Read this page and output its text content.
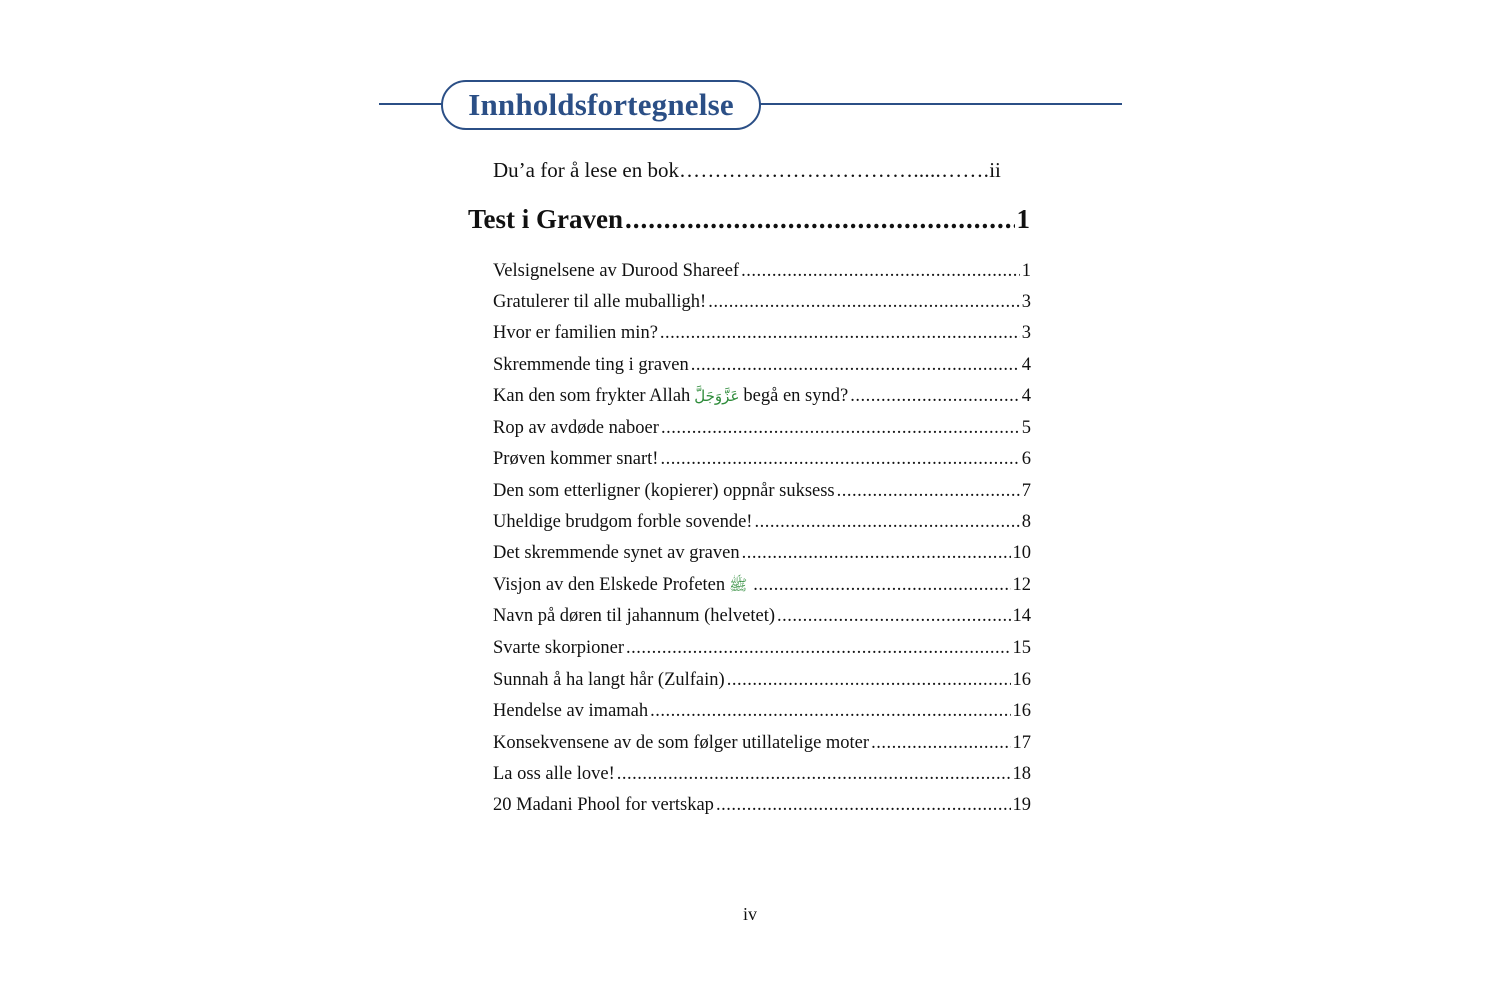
Innholdsfortegnelse
Du’a for å lese en bok …………………………….....……. ii
Test i Graven .....	1
Velsignelsene av Durood Shareef .....	1
Gratulerer til alle muballigh! .....	3
Hvor er familien min? .....	3
Skremmende ting i graven .....	4
Kan den som frykter Allah عَزَّوَجَلَّ begå en synd? .....	4
Rop av avdøde naboer .....	5
Prøven kommer snart! .....	6
Den som etterligner (kopierer) oppnår suksess .....	7
Uheldige brudgom forble sovende! .....	8
Det skremmende synet av graven .....	10
Visjon av den Elskede Profeten ﷺ .....	12
Navn på døren til jahannum (helvetet) .....	14
Svarte skorpioner .....	15
Sunnah å ha langt hår (Zulfain) .....	16
Hendelse av imamah .....	16
Konsekvensene av de som følger utillatelige moter .....	17
La oss alle love! .....	18
20 Madani Phool for vertskap .....	19
iv
